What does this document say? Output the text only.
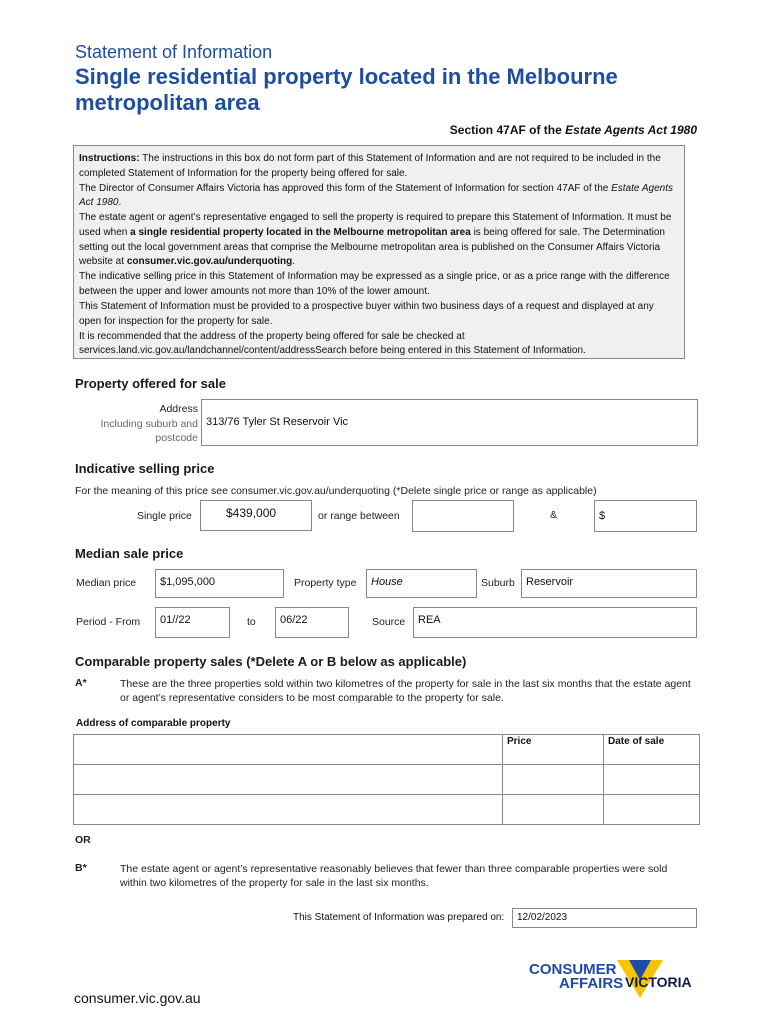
Statement of Information
Single residential property located in the Melbourne metropolitan area
Section 47AF of the Estate Agents Act 1980

Instructions: The instructions in this box do not form part of this Statement of Information and are not required to be included in the completed Statement of Information for the property being offered for sale.

The Director of Consumer Affairs Victoria has approved this form of the Statement of Information for section 47AF of the Estate Agents Act 1980.

The estate agent or agent’s representative engaged to sell the property is required to prepare this Statement of Information. It must be used when a single residential property located in the Melbourne metropolitan area is being offered for sale. The Determination setting out the local government areas that comprise the Melbourne metropolitan area is published on the Consumer Affairs Victoria website at consumer.vic.gov.au/underquoting.

The indicative selling price in this Statement of Information may be expressed as a single price, or as a price range with the difference between the upper and lower amounts not more than 10% of the lower amount.

This Statement of Information must be provided to a prospective buyer within two business days of a request and displayed at any open for inspection for the property for sale.

It is recommended that the address of the property being offered for sale be checked at services.land.vic.gov.au/landchannel/content/addressSearch before being entered in this Statement of Information.

Property offered for sale
Address
Including suburb and
postcode
313/76 Tyler St Reservoir Vic
Indicative selling price
For the meaning of this price see consumer.vic.gov.au/underquoting (*Delete single price or range as applicable)
Single price	$439,000	or range between	&	$
Median sale price
Median price	$1,095,000	Property type	House	Suburb	Reservoir
Period - From	01//22	to	06/22	Source	REA
Comparable property sales (*Delete A or B below as applicable)
A*	These are the three properties sold within two kilometres of the property for sale in the last six months that the estate agent or agent’s representative considers to be most comparable to the property for sale.
Address of comparable property
	Price	Date of sale

OR
B*	The estate agent or agent’s representative reasonably believes that fewer than three comparable properties were sold within two kilometres of the property for sale in the last six months.
This Statement of Information was prepared on:	12/02/2023
CONSUMER
AFFAIRS VICTORIA
consumer.vic.gov.au
